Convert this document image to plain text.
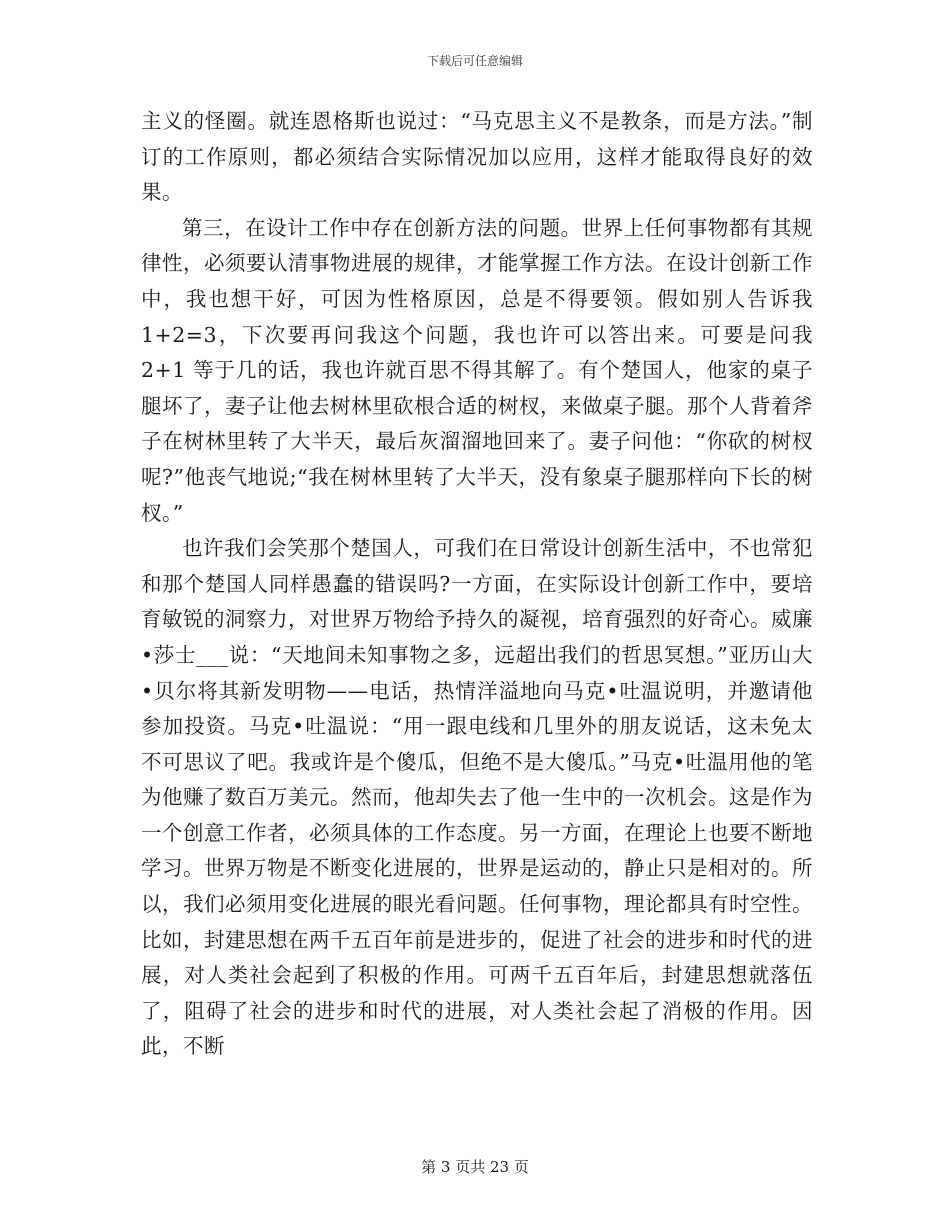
下载后可任意编辑

主义的怪圈。就连恩格斯也说过：“马克思主义不是教条，而是方法。”制订的工作原则，都必须结合实际情况加以应用，这样才能取得良好的效果。

第三，在设计工作中存在创新方法的问题。世界上任何事物都有其规律性，必须要认清事物进展的规律，才能掌握工作方法。在设计创新工作中，我也想干好，可因为性格原因，总是不得要领。假如别人告诉我 1+2=3，下次要再问我这个问题，我也许可以答出来。可要是问我 2+1 等于几的话，我也许就百思不得其解了。有个楚国人，他家的桌子腿坏了，妻子让他去树林里砍根合适的树杈，来做桌子腿。那个人背着斧子在树林里转了大半天，最后灰溜溜地回来了。妻子问他：“你砍的树杈呢?”他丧气地说;“我在树林里转了大半天，没有象桌子腿那样向下长的树杈。”

也许我们会笑那个楚国人，可我们在日常设计创新生活中，不也常犯和那个楚国人同样愚蠢的错误吗?一方面，在实际设计创新工作中，要培育敏锐的洞察力，对世界万物给予持久的凝视，培育强烈的好奇心。威廉•莎士___说：“天地间未知事物之多，远超出我们的哲思冥想。”亚历山大•贝尔将其新发明物——电话，热情洋溢地向马克•吐温说明，并邀请他参加投资。马克•吐温说：“用一跟电线和几里外的朋友说话，这未免太不可思议了吧。我或许是个傻瓜，但绝不是大傻瓜。”马克•吐温用他的笔为他赚了数百万美元。然而，他却失去了他一生中的一次机会。这是作为一个创意工作者，必须具体的工作态度。另一方面，在理论上也要不断地学习。世界万物是不断变化进展的，世界是运动的，静止只是相对的。所以，我们必须用变化进展的眼光看问题。任何事物，理论都具有时空性。比如，封建思想在两千五百年前是进步的，促进了社会的进步和时代的进展，对人类社会起到了积极的作用。可两千五百年后，封建思想就落伍了，阻碍了社会的进步和时代的进展，对人类社会起了消极的作用。因此，不断

第 3 页共 23 页
